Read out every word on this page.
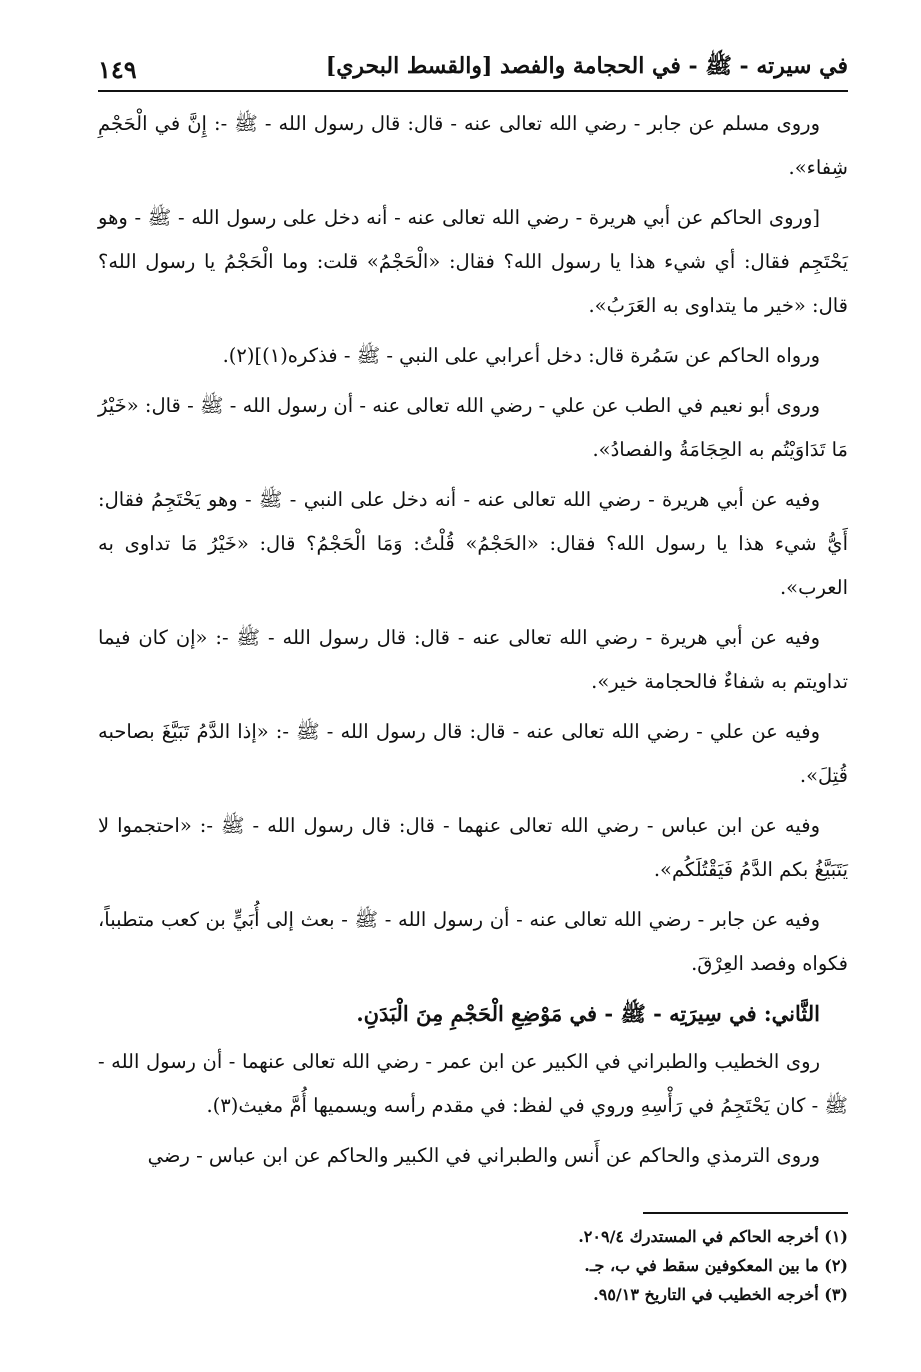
في سيرته - ﷺ - في الحجامة والفصد [والقسط البحري]
١٤٩

وروى مسلم عن جابر - رضي الله تعالى عنه - قال: قال رسول الله - ﷺ -: إِنَّ في الْحَجْمِ شِفاء».

[وروى الحاكم عن أبي هريرة - رضي الله تعالى عنه - أنه دخل على رسول الله - ﷺ - وهو يَحْتَجِم فقال: أي شيء هذا يا رسول الله؟ فقال: «الْحَجْمُ» قلت: وما الْحَجْمُ يا رسول الله؟ قال: «خير ما يتداوى به العَرَبُ».

ورواه الحاكم عن سَمُرة قال: دخل أعرابي على النبي - ﷺ - فذكره(١)](٢).

وروى أبو نعيم في الطب عن علي - رضي الله تعالى عنه - أن رسول الله - ﷺ - قال: «خَيْرُ مَا تَدَاوَيْتُم به الحِجَامَةُ والفصادُ».

وفيه عن أبي هريرة - رضي الله تعالى عنه - أنه دخل على النبي - ﷺ - وهو يَحْتَجِمُ فقال: أَيُّ شيء هذا يا رسول الله؟ فقال: «الحَجْمُ» قُلْتُ: وَمَا الْحَجْمُ؟ قال: «خَيْرُ مَا تداوى به العرب».

وفيه عن أبي هريرة - رضي الله تعالى عنه - قال: قال رسول الله - ﷺ -: «إن كان فيما تداويتم به شفاءٌ فالحجامة خير».

وفيه عن علي - رضي الله تعالى عنه - قال: قال رسول الله - ﷺ -: «إذا الدَّمُ تَبَيَّغَ بصاحبه قُتِلَ».

وفيه عن ابن عباس - رضي الله تعالى عنهما - قال: قال رسول الله - ﷺ -: «احتجموا لا يَتَبَيَّغُ بكم الدَّمُ فَيَقْتُلَكُم».

وفيه عن جابر - رضي الله تعالى عنه - أن رسول الله - ﷺ - بعث إلى أُبَيٍّ بن كعب متطبباً، فكواه وفصد العِرْقَ.

الثَّاني: في سِيرَتِه - ﷺ - في مَوْضِعِ الْحَجْمِ مِنَ الْبَدَنِ.

روى الخطيب والطبراني في الكبير عن ابن عمر - رضي الله تعالى عنهما - أن رسول الله - ﷺ - كان يَحْتَجِمُ في رَأْسِهِ وروي في لفظ: في مقدم رأسه ويسميها أُمَّ مغيث(٣).

وروى الترمذي والحاكم عن أَنس والطبراني في الكبير والحاكم عن ابن عباس - رضي

(١) أخرجه الحاكم في المستدرك ٢٠٩/٤.
(٢) ما بين المعكوفين سقط في ب، جـ.
(٣) أخرجه الخطيب في التاريخ ٩٥/١٣.
